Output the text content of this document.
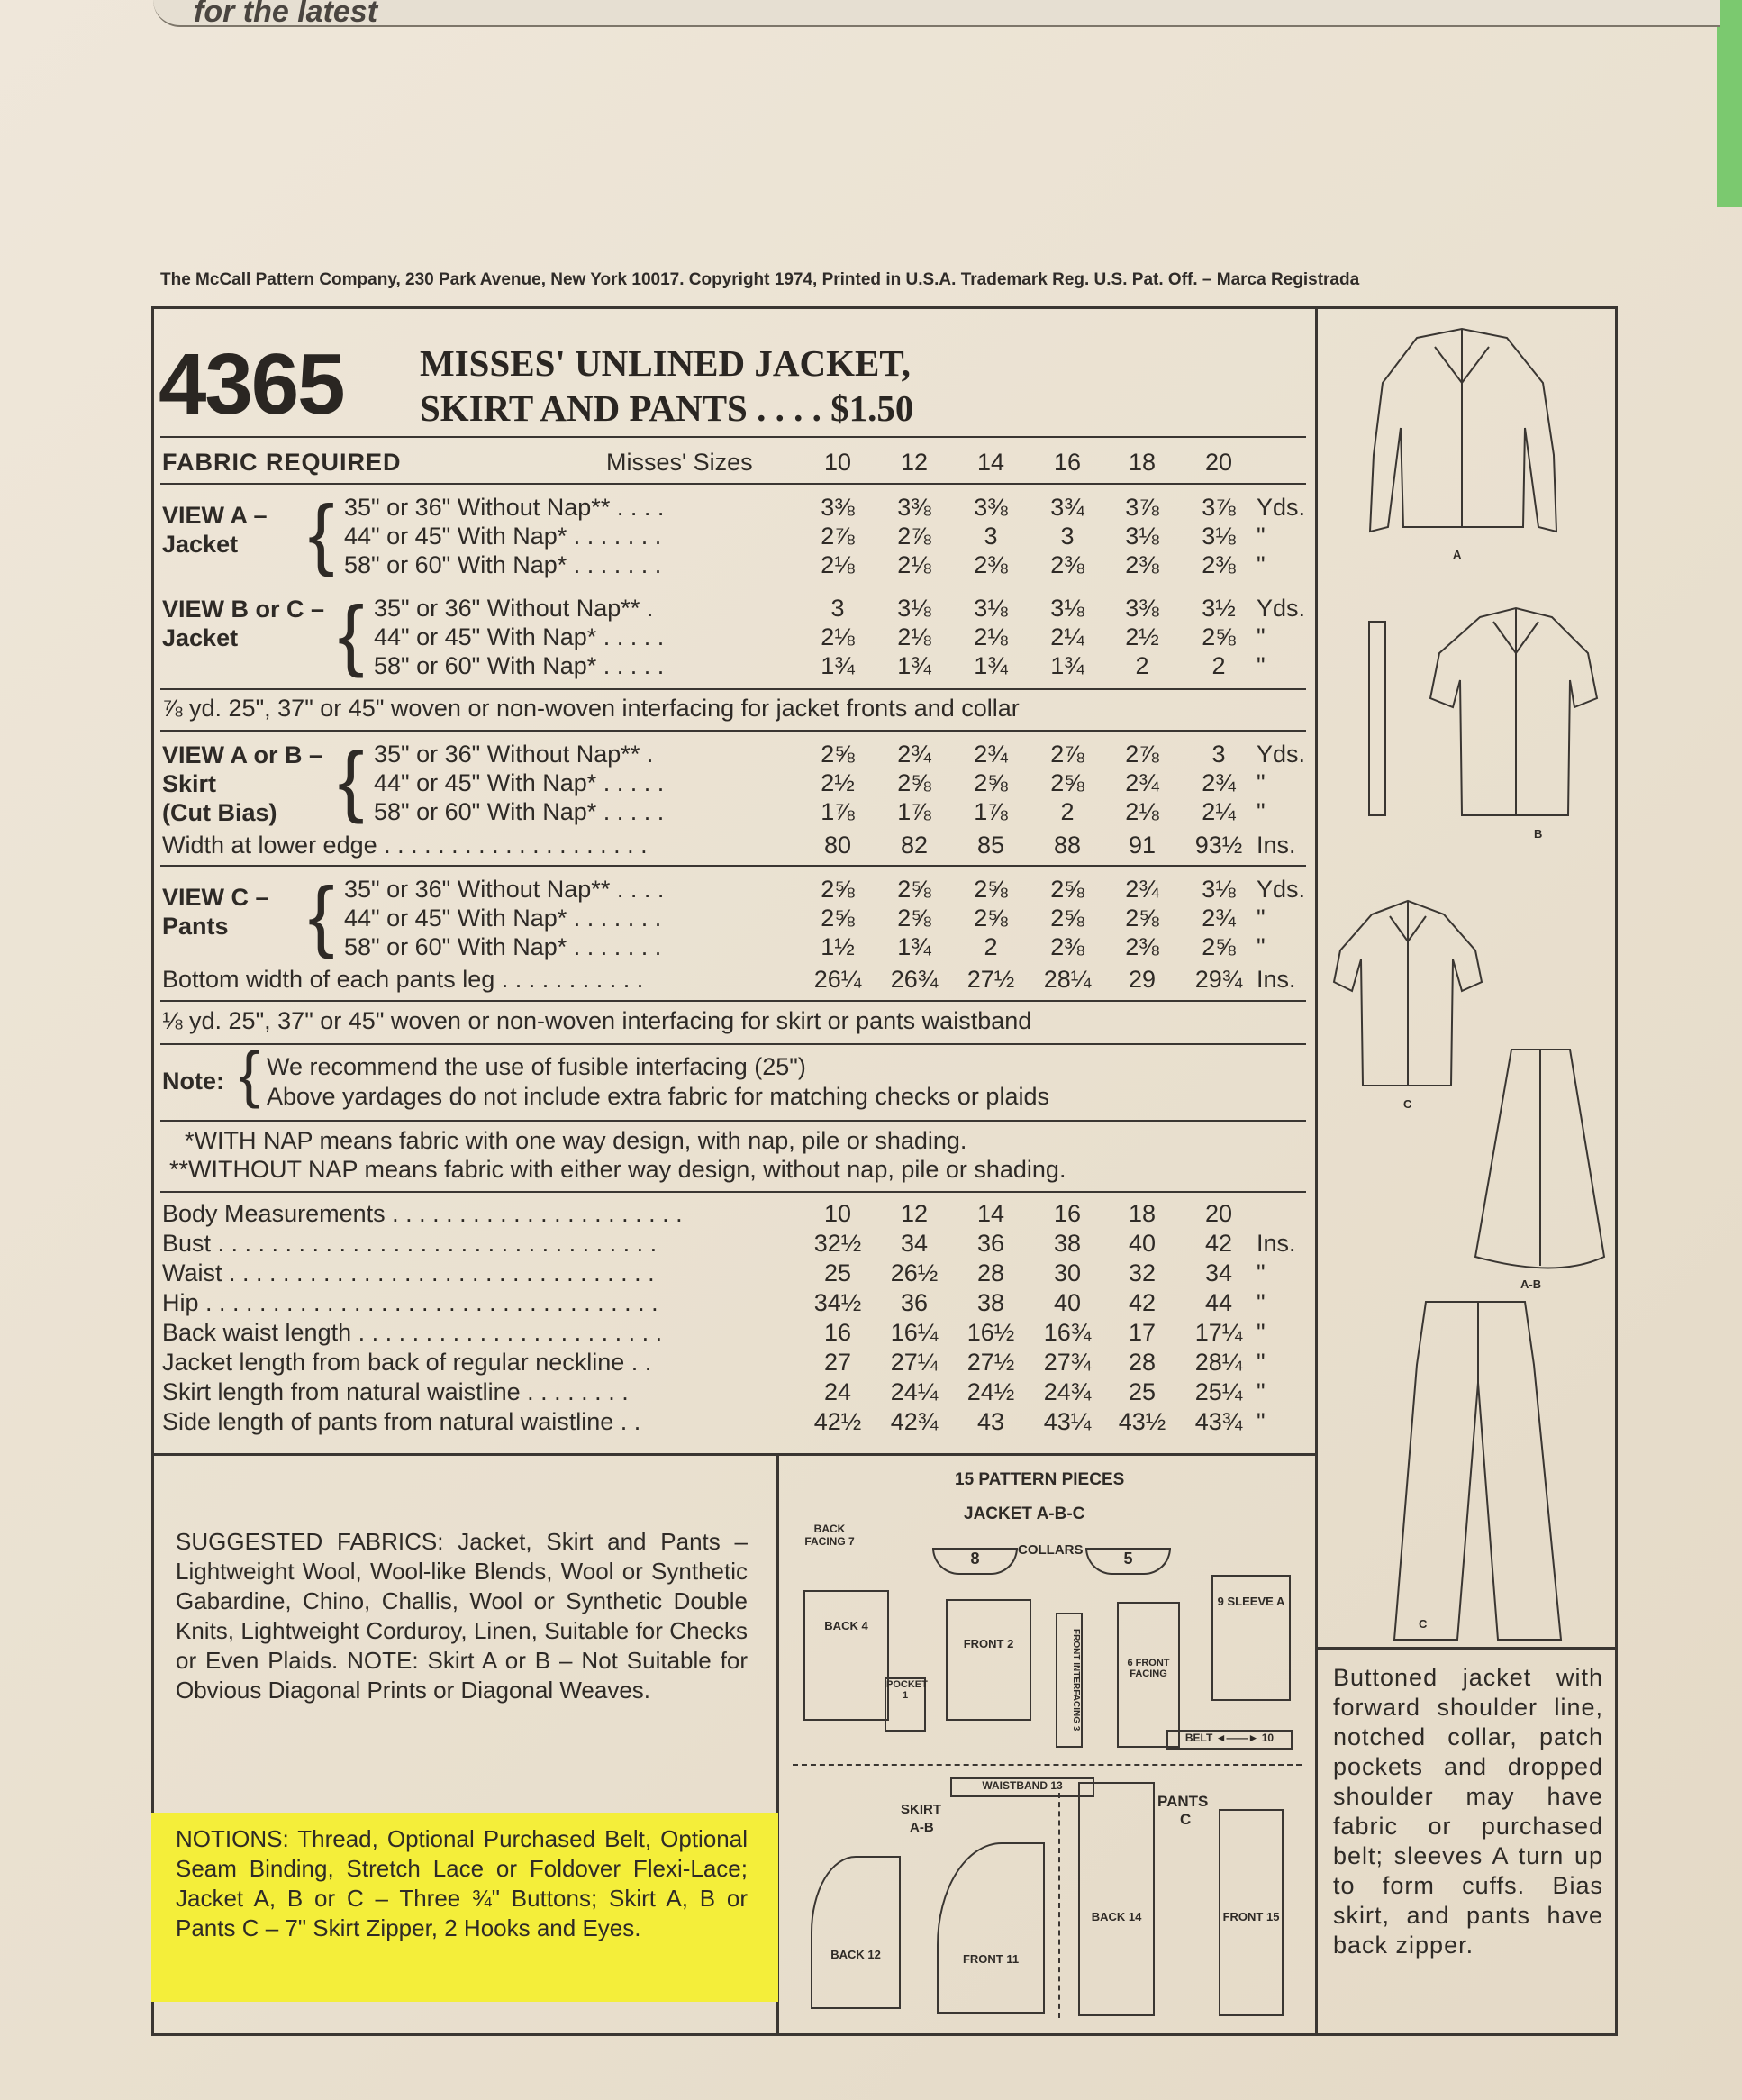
for the latest
The McCall Pattern Company, 230 Park Avenue, New York 10017. Copyright 1974, Printed in U.S.A. Trademark Reg. U.S. Pat. Off. – Marca Registrada
4365 MISSES' UNLINED JACKET,
SKIRT AND PANTS . . . . $1.50
FABRIC REQUIRED	Misses' Sizes	10	12	14	16	18	20
VIEW A –
Jacket { 35" or 36" Without Nap** . . . .	3⅜	3⅜	3⅜	3¾	3⅞	3⅞ Yds.
44" or 45" With Nap* . . . . . . .	2⅞	2⅞	3	3	3⅛	3⅛ "
58" or 60" With Nap* . . . . . . .	2⅛	2⅛	2⅜	2⅜	2⅜	2⅜ "
VIEW B or C –
Jacket	{ 35" or 36" Without Nap** .	3	3⅛	3⅛	3⅛	3⅜	3½ Yds.
44" or 45" With Nap* . . . . .	2⅛	2⅛	2⅛	2¼	2½	2⅝ "
58" or 60" With Nap* . . . . .	1¾	1¾	1¾	1¾	2	2	"
VIEW A or B –
Skirt
(Cut Bias) { 35" or 36" Without Nap** .	2⅝	2¾	2¾	2⅞	2⅞	3	Yds.
44" or 45" With Nap* . . . . .	2½	2⅝	2⅝	2⅝	2¾	2¾ "
58" or 60" With Nap* . . . . .	1⅞	1⅞	1⅞	2	2⅛	2¼ "
VIEW C –
Pants	{ 35" or 36" Without Nap** . . . .	2⅝	2⅝	2⅝	2⅝	2¾	3⅛ Yds.
44" or 45" With Nap* . . . . . . .	2⅝	2⅝	2⅝	2⅝	2⅝	2¾ "
58" or 60" With Nap* . . . . . . .	1½	1¾	2	2⅜	2⅜	2⅝ "
⅞ yd. 25", 37" or 45" woven or non-woven interfacing for jacket fronts and collar
Width at lower edge . . . . . . . . . . . . . . . . . . . .	80	82	85	88	91	93½ Ins.
Bottom width of each pants leg . . . . . . . . . . .	26¼	26¾	27½	28¼	29	29¾ Ins.
⅛ yd. 25", 37" or 45" woven or non-woven interfacing for skirt or pants waistband
Note: { We recommend the use of fusible interfacing (25")
Above yardages do not include extra fabric for matching checks or plaids
*WITH NAP means fabric with one way design, with nap, pile or shading.
**WITHOUT NAP means fabric with either way design, without nap, pile or shading.
Body Measurements . . . . . . . . . . . . . . . . . . . . . .	10	12	14	16	18	20
Bust . . . . . . . . . . . . . . . . . . . . . . . . . . . . . . . . .	32½	34	36	38	40	42 Ins.
Waist . . . . . . . . . . . . . . . . . . . . . . . . . . . . . . . .	25	26½	28	30	32	34 "
Hip . . . . . . . . . . . . . . . . . . . . . . . . . . . . . . . . . .	34½	36	38	40	42	44 "
Back waist length . . . . . . . . . . . . . . . . . . . . . . .	16	16¼	16½	16¾	17	17¼ "
Jacket length from back of regular neckline . .	27	27¼	27½	27¾	28	28¼ "
Skirt length from natural waistline . . . . . . . .	24	24¼	24½	24¾	25	25¼ "
Side length of pants from natural waistline . .	42½	42¾	43	43¼	43½	43¾ "
SUGGESTED FABRICS: Jacket, Skirt and Pants – Lightweight Wool, Wool-like Blends, Wool or Synthetic Gabardine, Chino, Challis, Wool or Synthetic Double Knits, Lightweight Corduroy, Linen, Suitable for Checks or Even Plaids. NOTE: Skirt A or B – Not Suitable for Obvious Diagonal Prints or Diagonal Weaves.
NOTIONS: Thread, Optional Purchased Belt, Optional Seam Binding, Stretch Lace or Foldover Flexi-Lace; Jacket A, B or C – Three ¾" Buttons; Skirt A, B or Pants C – 7" Skirt Zipper, 2 Hooks and Eyes.
15 PATTERN PIECES
JACKET A-B-C
COLLARS
BACK FACING 7
8	5
BACK 4
POCKET 1
FRONT 2	FRONT INTERFACING 3	6 FRONT FACING
9 SLEEVE A
BELT ◄——► 10
WAISTBAND 13
SKIRT
A-B
PANTS
C
BACK 12	FRONT 11
BACK 14	FRONT 15
A
B
C
A-B
C
Buttoned jacket with forward shoulder line, notched collar, patch pockets and dropped shoulder may have fabric or purchased belt; sleeves A turn up to form cuffs. Bias skirt, and pants have back zipper.
